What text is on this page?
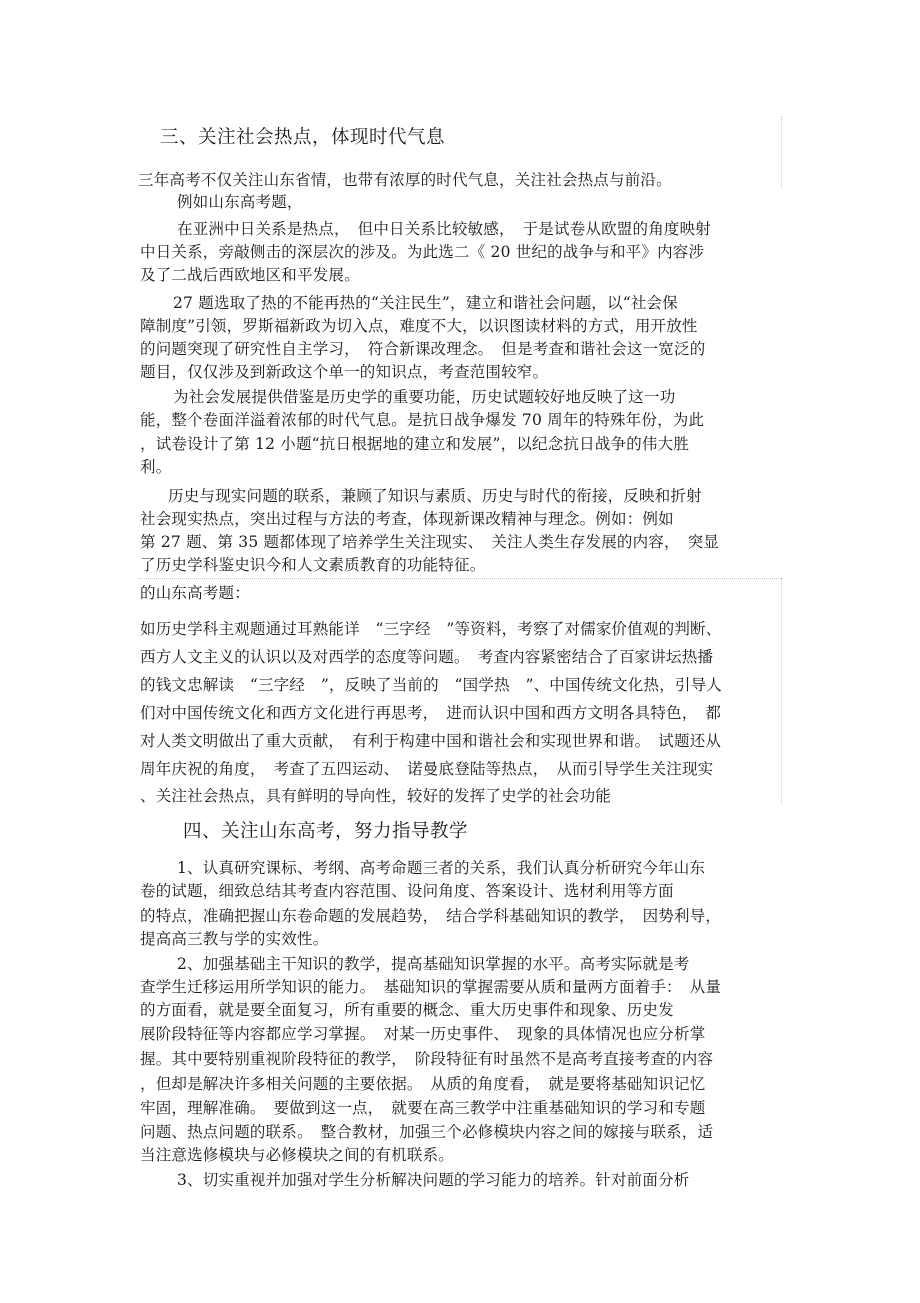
三、关注社会热点，体现时代气息
三年高考不仅关注山东省情，也带有浓厚的时代气息，关注社会热点与前沿。
例如山东高考题，
在亚洲中日关系是热点，　但中日关系比较敏感，　于是试卷从欧盟的角度映射
中日关系，旁敲侧击的深层次的涉及。为此选二《 20 世纪的战争与和平》内容涉
及了二战后西欧地区和平发展。
27 题选取了热的不能再热的“关注民生”，建立和谐社会问题，以“社会保
障制度”引领，罗斯福新政为切入点，难度不大，以识图读材料的方式，用开放性
的问题突现了研究性自主学习，　符合新课改理念。　但是考查和谐社会这一宽泛的
题目，仅仅涉及到新政这个单一的知识点，考查范围较窄。
为社会发展提供借鉴是历史学的重要功能，历史试题较好地反映了这一功
能，整个卷面洋溢着浓郁的时代气息。是抗日战争爆发 70 周年的特殊年份，为此
，试卷设计了第 12 小题“抗日根据地的建立和发展”，以纪念抗日战争的伟大胜
利。
历史与现实问题的联系，兼顾了知识与素质、历史与时代的衔接，反映和折射
社会现实热点，突出过程与方法的考查，体现新课改精神与理念。例如：例如
第 27 题、第 35 题都体现了培养学生关注现实、　关注人类生存发展的内容，　突显
了历史学科鉴史识今和人文素质教育的功能特征。
的山东高考题：
如历史学科主观题通过耳熟能详　“三字经　”等资料，考察了对儒家价值观的判断、
西方人文主义的认识以及对西学的态度等问题。　考查内容紧密结合了百家讲坛热播
的钱文忠解读　“三字经　”，反映了当前的　“国学热　”、中国传统文化热，引导人
们对中国传统文化和西方文化进行再思考，　进而认识中国和西方文明各具特色，　都
对人类文明做出了重大贡献，　有利于构建中国和谐社会和实现世界和谐。　试题还从
周年庆祝的角度，　考查了五四运动、　诺曼底登陆等热点，　从而引导学生关注现实
、关注社会热点，具有鲜明的导向性，较好的发挥了史学的社会功能
四、关注山东高考，努力指导教学
1、认真研究课标、考纲、高考命题三者的关系，我们认真分析研究今年山东
卷的试题，细致总结其考查内容范围、设问角度、答案设计、选材利用等方面
的特点，准确把握山东卷命题的发展趋势，　结合学科基础知识的教学，　因势利导，
提高高三教与学的实效性。
2、加强基础主干知识的教学，提高基础知识掌握的水平。高考实际就是考
查学生迁移运用所学知识的能力。　基础知识的掌握需要从质和量两方面着手：　从量
的方面看，就是要全面复习，所有重要的概念、重大历史事件和现象、历史发
展阶段特征等内容都应学习掌握。　对某一历史事件、　现象的具体情况也应分析掌
握。其中要特别重视阶段特征的教学，　阶段特征有时虽然不是高考直接考查的内容
，但却是解决许多相关问题的主要依据。　从质的角度看，　就是要将基础知识记忆
牢固，理解准确。　要做到这一点，　就要在高三教学中注重基础知识的学习和专题
问题、热点问题的联系。　整合教材，加强三个必修模块内容之间的嫁接与联系，适
当注意选修模块与必修模块之间的有机联系。
3、切实重视并加强对学生分析解决问题的学习能力的培养。针对前面分析
